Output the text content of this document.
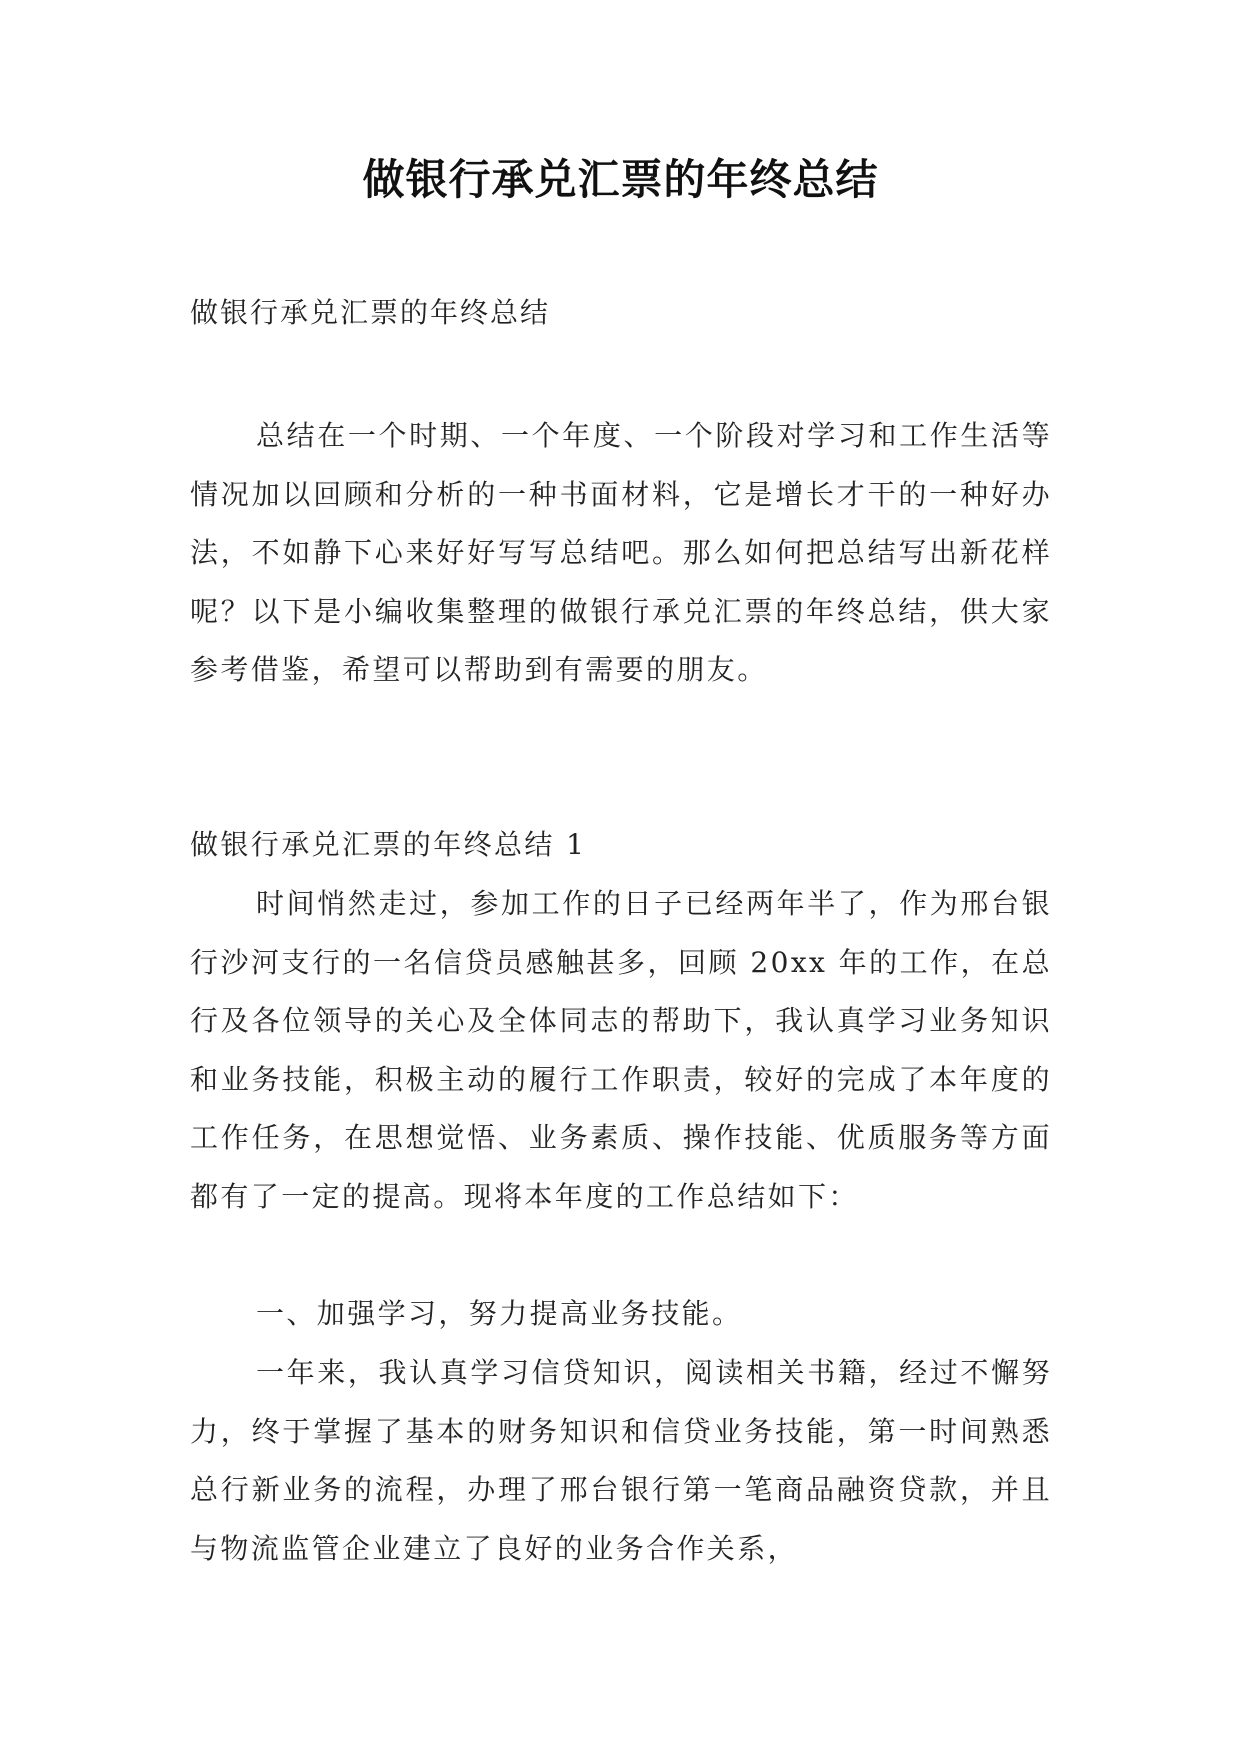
做银行承兑汇票的年终总结
做银行承兑汇票的年终总结
总结在一个时期、一个年度、一个阶段对学习和工作生活等情况加以回顾和分析的一种书面材料，它是增长才干的一种好办法，不如静下心来好好写写总结吧。那么如何把总结写出新花样呢？以下是小编收集整理的做银行承兑汇票的年终总结，供大家参考借鉴，希望可以帮助到有需要的朋友。
做银行承兑汇票的年终总结 1
时间悄然走过，参加工作的日子已经两年半了，作为邢台银行沙河支行的一名信贷员感触甚多，回顾 20xx 年的工作，在总行及各位领导的关心及全体同志的帮助下，我认真学习业务知识和业务技能，积极主动的履行工作职责，较好的完成了本年度的工作任务，在思想觉悟、业务素质、操作技能、优质服务等方面都有了一定的提高。现将本年度的工作总结如下：
一、加强学习，努力提高业务技能。
一年来，我认真学习信贷知识，阅读相关书籍，经过不懈努力，终于掌握了基本的财务知识和信贷业务技能，第一时间熟悉总行新业务的流程，办理了邢台银行第一笔商品融资贷款，并且与物流监管企业建立了良好的业务合作关系，
